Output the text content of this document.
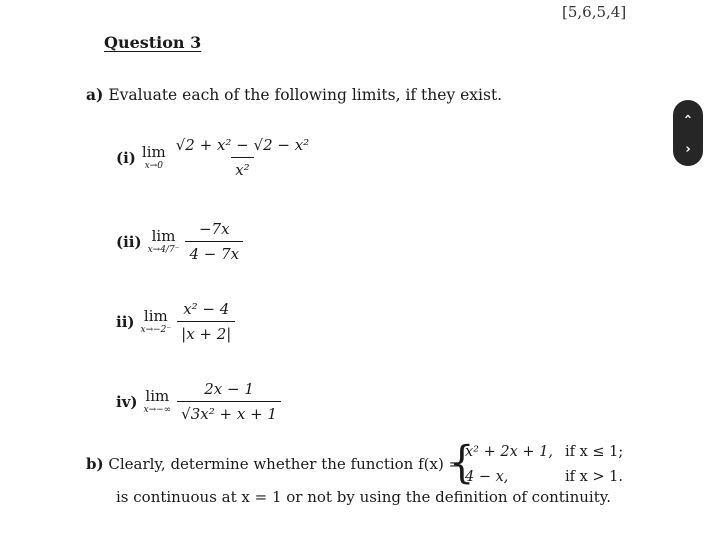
[5,6,5,4]
Question 3
a) Evaluate each of the following limits, if they exist.
(i) lim
$x\to 0 \frac{\text{√2 + x² − √2 − x²}}{\text{x²}}$
(ii) lim
$x\to 4/7^- \frac{-7x}{4 - 7x}$
ii) lim
$x\to-2^- \frac{\text{x² − 4}}{|x + 2|}$
iv) lim
$x\to-\infty \frac{2x - 1}{\text{√3x² + x + 1}}$
b) Clearly, determine whether the function f(x) =
{
x² + 2x + 1, if x ≤ 1;
4 − x,	if x > 1.
is continuous at x = 1 or not by using the definition of continuity.
‹
›
